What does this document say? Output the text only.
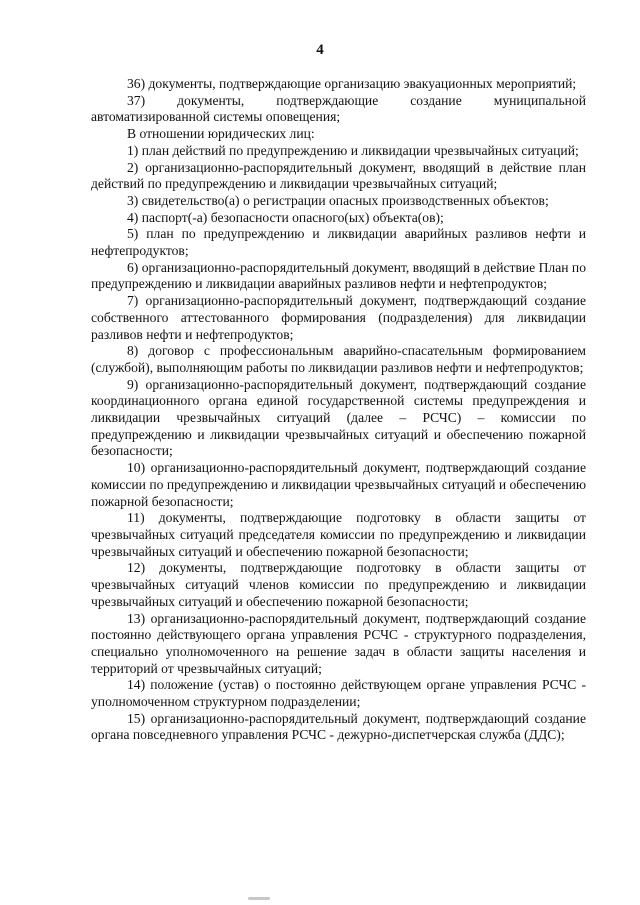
4

36) документы, подтверждающие организацию эвакуационных мероприятий;

37) документы, подтверждающие создание муниципальной автоматизированной системы оповещения;

В отношении юридических лиц:

1) план действий по предупреждению и ликвидации чрезвычайных ситуаций;

2) организационно-распорядительный документ, вводящий в действие план действий по предупреждению и ликвидации чрезвычайных ситуаций;

3) свидетельство(а) о регистрации опасных производственных объектов;

4) паспорт(-а) безопасности опасного(ых) объекта(ов);

5) план по предупреждению и ликвидации аварийных разливов нефти и нефтепродуктов;

6) организационно-распорядительный документ, вводящий в действие План по предупреждению и ликвидации аварийных разливов нефти и нефтепродуктов;

7) организационно-распорядительный документ, подтверждающий создание собственного аттестованного формирования (подразделения) для ликвидации разливов нефти и нефтепродуктов;

8) договор с профессиональным аварийно-спасательным формированием (службой), выполняющим работы по ликвидации разливов нефти и нефтепродуктов;

9) организационно-распорядительный документ, подтверждающий создание координационного органа единой государственной системы предупреждения и ликвидации чрезвычайных ситуаций (далее – РСЧС) – комиссии по предупреждению и ликвидации чрезвычайных ситуаций и обеспечению пожарной безопасности;

10) организационно-распорядительный документ, подтверждающий создание комиссии по предупреждению и ликвидации чрезвычайных ситуаций и обеспечению пожарной безопасности;

11) документы, подтверждающие подготовку в области защиты от чрезвычайных ситуаций председателя комиссии по предупреждению и ликвидации чрезвычайных ситуаций и обеспечению пожарной безопасности;

12) документы, подтверждающие подготовку в области защиты от чрезвычайных ситуаций членов комиссии по предупреждению и ликвидации чрезвычайных ситуаций и обеспечению пожарной безопасности;

13) организационно-распорядительный документ, подтверждающий создание постоянно действующего органа управления РСЧС - структурного подразделения, специально уполномоченного на решение задач в области защиты населения и территорий от чрезвычайных ситуаций;

14) положение (устав) о постоянно действующем органе управления РСЧС - уполномоченном структурном подразделении;

15) организационно-распорядительный документ, подтверждающий создание органа повседневного управления РСЧС - дежурно-диспетчерская служба (ДДС);
